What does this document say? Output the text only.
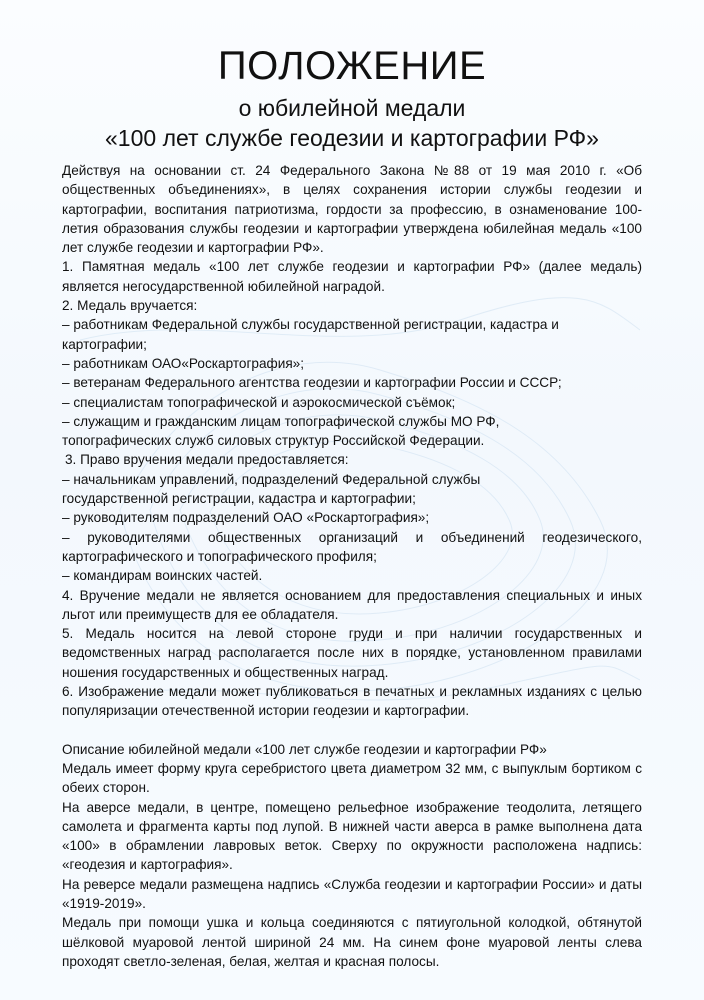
ПОЛОЖЕНИЕ
о юбилейной медали
«100 лет службе геодезии и картографии РФ»

Действуя на основании ст. 24 Федерального Закона №88 от 19 мая 2010 г. «Об общественных объединениях», в целях сохранения истории службы геодезии и картографии, воспитания патриотизма, гордости за профессию, в ознаменование 100-летия образования службы геодезии и картографии утверждена юбилейная медаль «100 лет службе геодезии и картографии РФ».

1. Памятная медаль «100 лет службе геодезии и картографии РФ» (далее медаль) является негосударственной юбилейной наградой.

2. Медаль вручается:

– работникам Федеральной службы государственной регистрации, кадастра и картографии;

– работникам ОАО«Роскартография»;

– ветеранам Федерального агентства геодезии и картографии России и СССР;

– специалистам топографической и аэрокосмической съёмок;

– служащим и гражданским лицам топографической службы МО РФ,

топографических служб силовых структур Российской Федерации.

3. Право вручения медали предоставляется:

– начальникам управлений, подразделений Федеральной службы

государственной регистрации, кадастра и картографии;

– руководителям подразделений ОАО «Роскартография»;

– руководителями общественных организаций и объединений геодезического, картографического и топографического профиля;

– командирам воинских частей.

4. Вручение медали не является основанием для предоставления специальных и иных льгот или преимуществ для ее обладателя.

5. Медаль носится на левой стороне груди и при наличии государственных и ведомственных наград располагается после них в порядке, установленном правилами ношения государственных и общественных наград.

6. Изображение медали может публиковаться в печатных и рекламных изданиях с целью популяризации отечественной истории геодезии и картографии.

Описание юбилейной медали «100 лет службе геодезии и картографии РФ»

Медаль имеет форму круга серебристого цвета диаметром 32 мм, с выпуклым бортиком с обеих сторон.

На аверсе медали, в центре, помещено рельефное изображение теодолита, летящего самолета и фрагмента карты под лупой. В нижней части аверса в рамке выполнена дата «100» в обрамлении лавровых веток. Сверху по окружности расположена надпись: «геодезия и картография».

На реверсе медали размещена надпись «Служба геодезии и картографии России» и даты «1919-2019».

Медаль при помощи ушка и кольца соединяются с пятиугольной колодкой, обтянутой шёлковой муаровой лентой шириной 24 мм. На синем фоне муаровой ленты слева проходят светло-зеленая, белая, желтая и красная полосы.
